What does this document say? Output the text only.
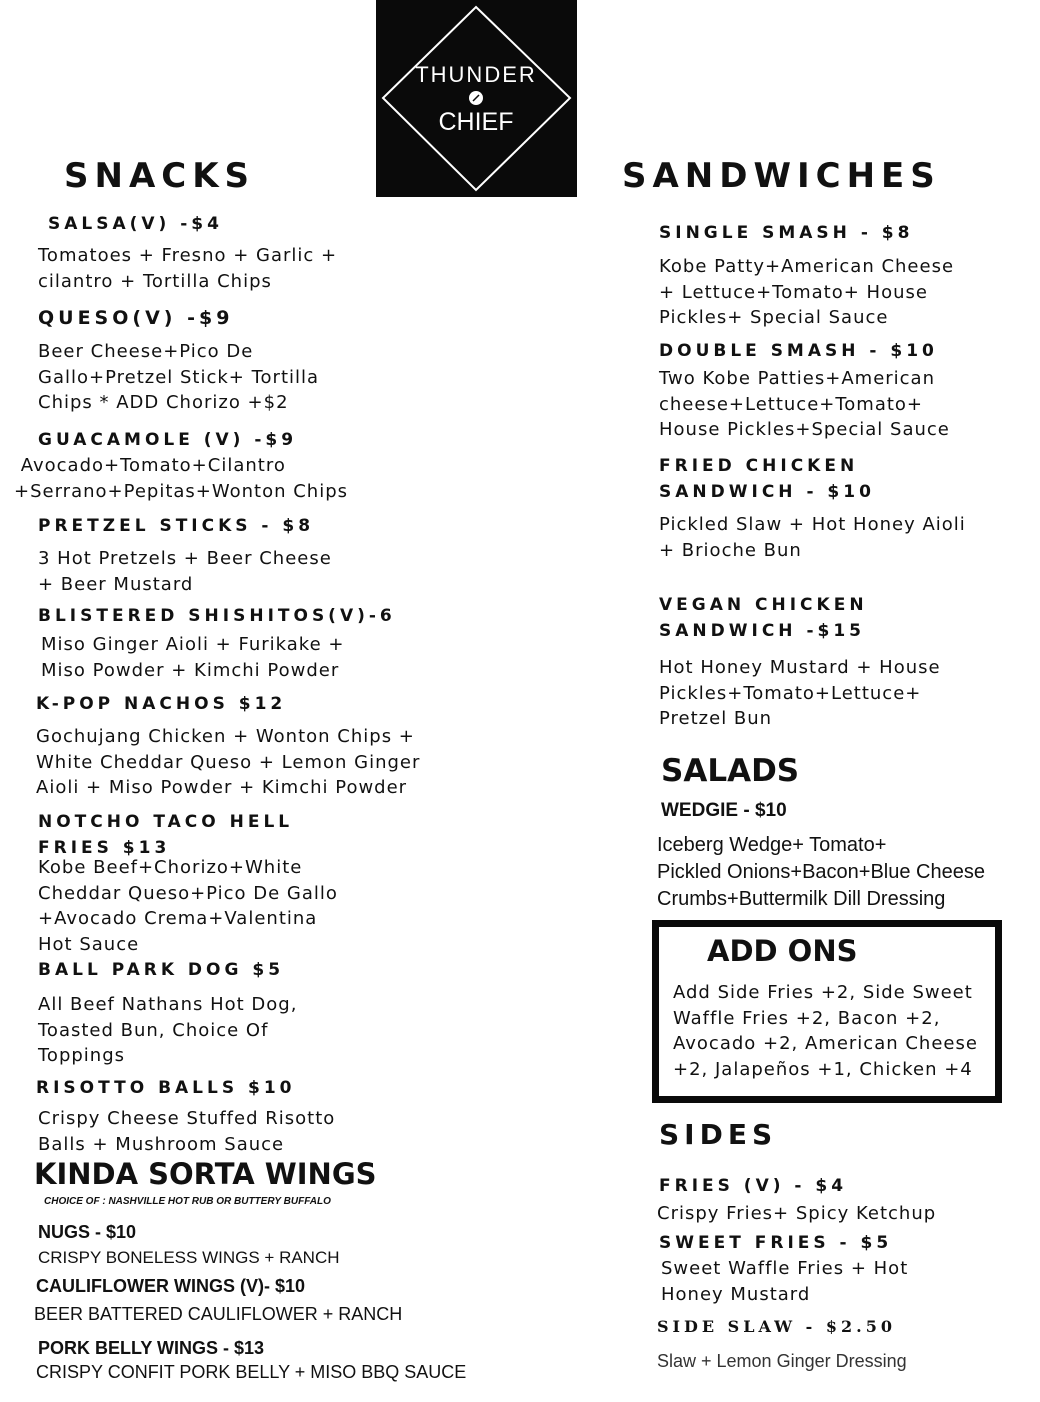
THUNDER
CHIEF
SNACKS
SALSA(V) -$4
Tomatoes + Fresno + Garlic +
cilantro + Tortilla Chips
QUESO(V) -$9
Beer Cheese+Pico De
Gallo+Pretzel Stick+ Tortilla
Chips * ADD Chorizo +$2
GUACAMOLE (V) -$9
Avocado+Tomato+Cilantro
+Serrano+Pepitas+Wonton Chips
PRETZEL STICKS - $8
3 Hot Pretzels + Beer Cheese
+ Beer Mustard
BLISTERED SHISHITOS(V)-6
Miso Ginger Aioli + Furikake +
Miso Powder + Kimchi Powder
K-POP NACHOS $12
Gochujang Chicken + Wonton Chips +
White Cheddar Queso + Lemon Ginger
Aioli + Miso Powder + Kimchi Powder
NOTCHO TACO HELL
FRIES $13
Kobe Beef+Chorizo+White
Cheddar Queso+Pico De Gallo
+Avocado Crema+Valentina
Hot Sauce
BALL PARK DOG $5
All Beef Nathans Hot Dog,
Toasted Bun, Choice Of
Toppings
RISOTTO BALLS $10
Crispy Cheese Stuffed Risotto
Balls + Mushroom Sauce
KINDA SORTA WINGS
CHOICE OF : NASHVILLE HOT RUB OR BUTTERY BUFFALO
NUGS - $10
CRISPY BONELESS WINGS + RANCH
CAULIFLOWER WINGS (V)- $10
BEER BATTERED CAULIFLOWER + RANCH
PORK BELLY WINGS - $13
CRISPY CONFIT PORK BELLY + MISO BBQ SAUCE
SANDWICHES
SINGLE SMASH - $8
Kobe Patty+American Cheese
+ Lettuce+Tomato+ House
Pickles+ Special Sauce
DOUBLE SMASH - $10
Two Kobe Patties+American
cheese+Lettuce+Tomato+
House Pickles+Special Sauce
FRIED CHICKEN
SANDWICH - $10
Pickled Slaw + Hot Honey Aioli
+ Brioche Bun
VEGAN CHICKEN
SANDWICH -$15
Hot Honey Mustard + House
Pickles+Tomato+Lettuce+
Pretzel Bun
SALADS
WEDGIE - $10
Iceberg Wedge+ Tomato+
Pickled Onions+Bacon+Blue Cheese
Crumbs+Buttermilk Dill Dressing
ADD ONS
Add Side Fries +2, Side Sweet
Waffle Fries +2, Bacon +2,
Avocado +2, American Cheese
+2, Jalapeños +1, Chicken +4
SIDES
FRIES (V) - $4
Crispy Fries+ Spicy Ketchup
SWEET FRIES - $5
Sweet Waffle Fries + Hot
Honey Mustard
SIDE SLAW - $2.50
Slaw + Lemon Ginger Dressing
